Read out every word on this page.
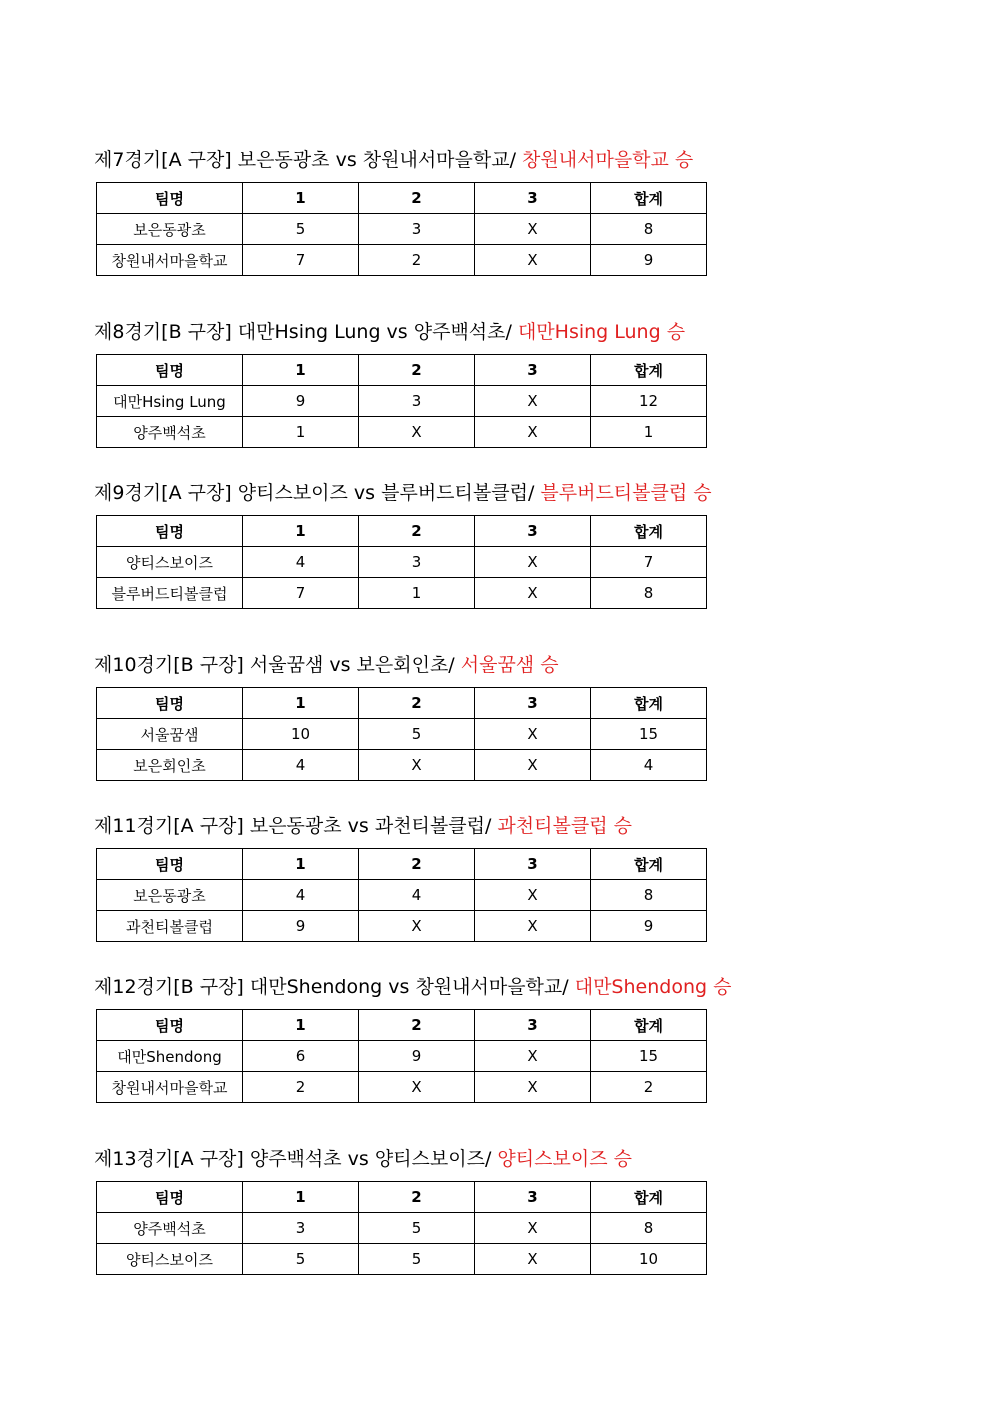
제7경기[A 구장] 보은동광초 vs 창원내서마을학교/ 창원내서마을학교 승
팀명	1	2	3	합계
보은동광초	5	3	X	8
창원내서마을학교	7	2	X	9
제8경기[B 구장] 대만Hsing Lung vs 양주백석초/ 대만Hsing Lung 승
팀명	1	2	3	합계
대만Hsing Lung	9	3	X	12
양주백석초	1	X	X	1
제9경기[A 구장] 양티스보이즈 vs 블루버드티볼클럽/ 블루버드티볼클럽 승
팀명	1	2	3	합계
양티스보이즈	4	3	X	7
블루버드티볼클럽	7	1	X	8
제10경기[B 구장] 서울꿈샘 vs 보은회인초/ 서울꿈샘 승
팀명	1	2	3	합계
서울꿈샘	10	5	X	15
보은회인초	4	X	X	4
제11경기[A 구장] 보은동광초 vs 과천티볼클럽/ 과천티볼클럽 승
팀명	1	2	3	합계
보은동광초	4	4	X	8
과천티볼클럽	9	X	X	9
제12경기[B 구장] 대만Shendong vs 창원내서마을학교/ 대만Shendong 승
팀명	1	2	3	합계
대만Shendong	6	9	X	15
창원내서마을학교	2	X	X	2
제13경기[A 구장] 양주백석초 vs 양티스보이즈/ 양티스보이즈 승
팀명	1	2	3	합계
양주백석초	3	5	X	8
양티스보이즈	5	5	X	10
